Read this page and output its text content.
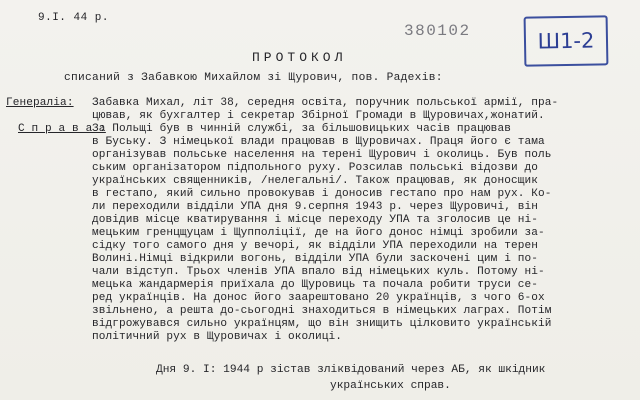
9.І. 44 р.
380102	Ш1-2
ПРОТОКОЛ
списаний з Забавкою Михайлом зі Щурович, пов. Радехів:
Генераліa: Забавка Михал, літ 38, середня освіта, поручник польської армії, пра-
цював, як бухгалтер і секретар Збірної Громади в Щуровичах,жонатий.
С п р а в а :
За Польщі був в чинній службі, за більшовицьких часів працював
в Буську. З німецької влади працював в Щуровичах. Праця його є тама
організував польське населення на терені Щурович і околиць. Був поль
ським організатором підпольного руху. Розсилав польські відозви до
українських священників, /нелегальні/. Також працював, як доносщик
в гестапо, який сильно провокував і доносив гестапо про нам рух. Ко-
ли переходили відділи УПА дня 9.серпня 1943 р. через Щуровичі, він
довідив місце кватирування і місце переходу УПА та зголосив це ні-
мецьким гренцщуцам і Щупполіції, де на його донос німці зробили за-
сідку того самого дня у вечорі, як відділи УПА переходили на терен
Волині.Німці відкрили вогонь, відділи УПА були заскочені цим і по-
чали відступ. Трьох членів УПА впало від німецьких куль. Потому ні-
мецька жандармерія приїхала до Щуровиць та почала робити труси се-
ред українців. На донос його заарештовано 20 українців, з чого 6-ох
звільнено, а решта до-сьогодні знаходиться в німецьких лаграх. Потім
відгрожувався сильно українцям, що він знищить цілковито українській
політичний рух в Щуровичах і околиці.
Дня 9. І: 1944 р зістав зліквідований через АБ, як шкідник
українських справ.
